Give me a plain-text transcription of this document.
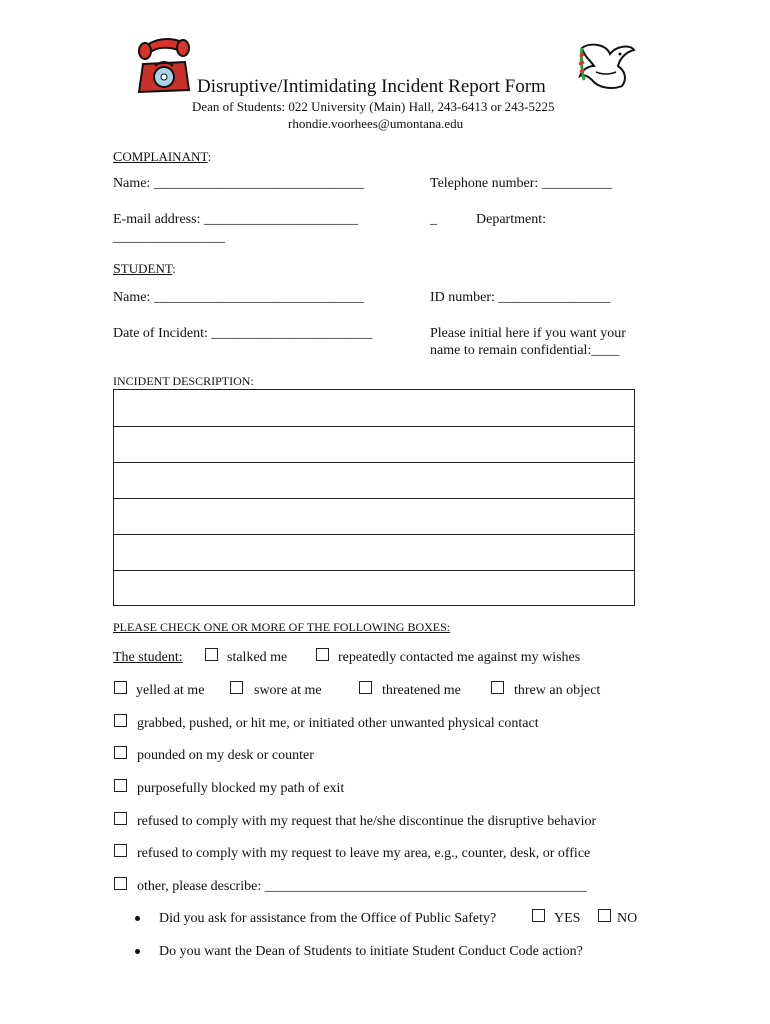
Disruptive/Intimidating Incident Report Form
Dean of Students: 022 University (Main) Hall, 243-6413 or 243-5225
rhondie.voorhees@umontana.edu
COMPLAINANT:
Name: ______________________________	Telephone number: __________
E-mail address: ______________________
________________
_	Department:
STUDENT:
Name: ______________________________	ID number: ________________
Date of Incident: _______________________	Please initial here if you want your
name to remain confidential:____
INCIDENT DESCRIPTION:
PLEASE CHECK ONE OR MORE OF THE FOLLOWING BOXES:
The student:	stalked me	repeatedly contacted me against my wishes
yelled at me	swore at me	threatened me	threw an object
grabbed, pushed, or hit me, or initiated other unwanted physical contact
pounded on my desk or counter
purposefully blocked my path of exit
refused to comply with my request that he/she discontinue the disruptive behavior
refused to comply with my request to leave my area, e.g., counter, desk, or office
other, please describe: ______________________________________________
Did you ask for assistance from the Office of Public Safety?	YES	NO
Do you want the Dean of Students to initiate Student Conduct Code action?
